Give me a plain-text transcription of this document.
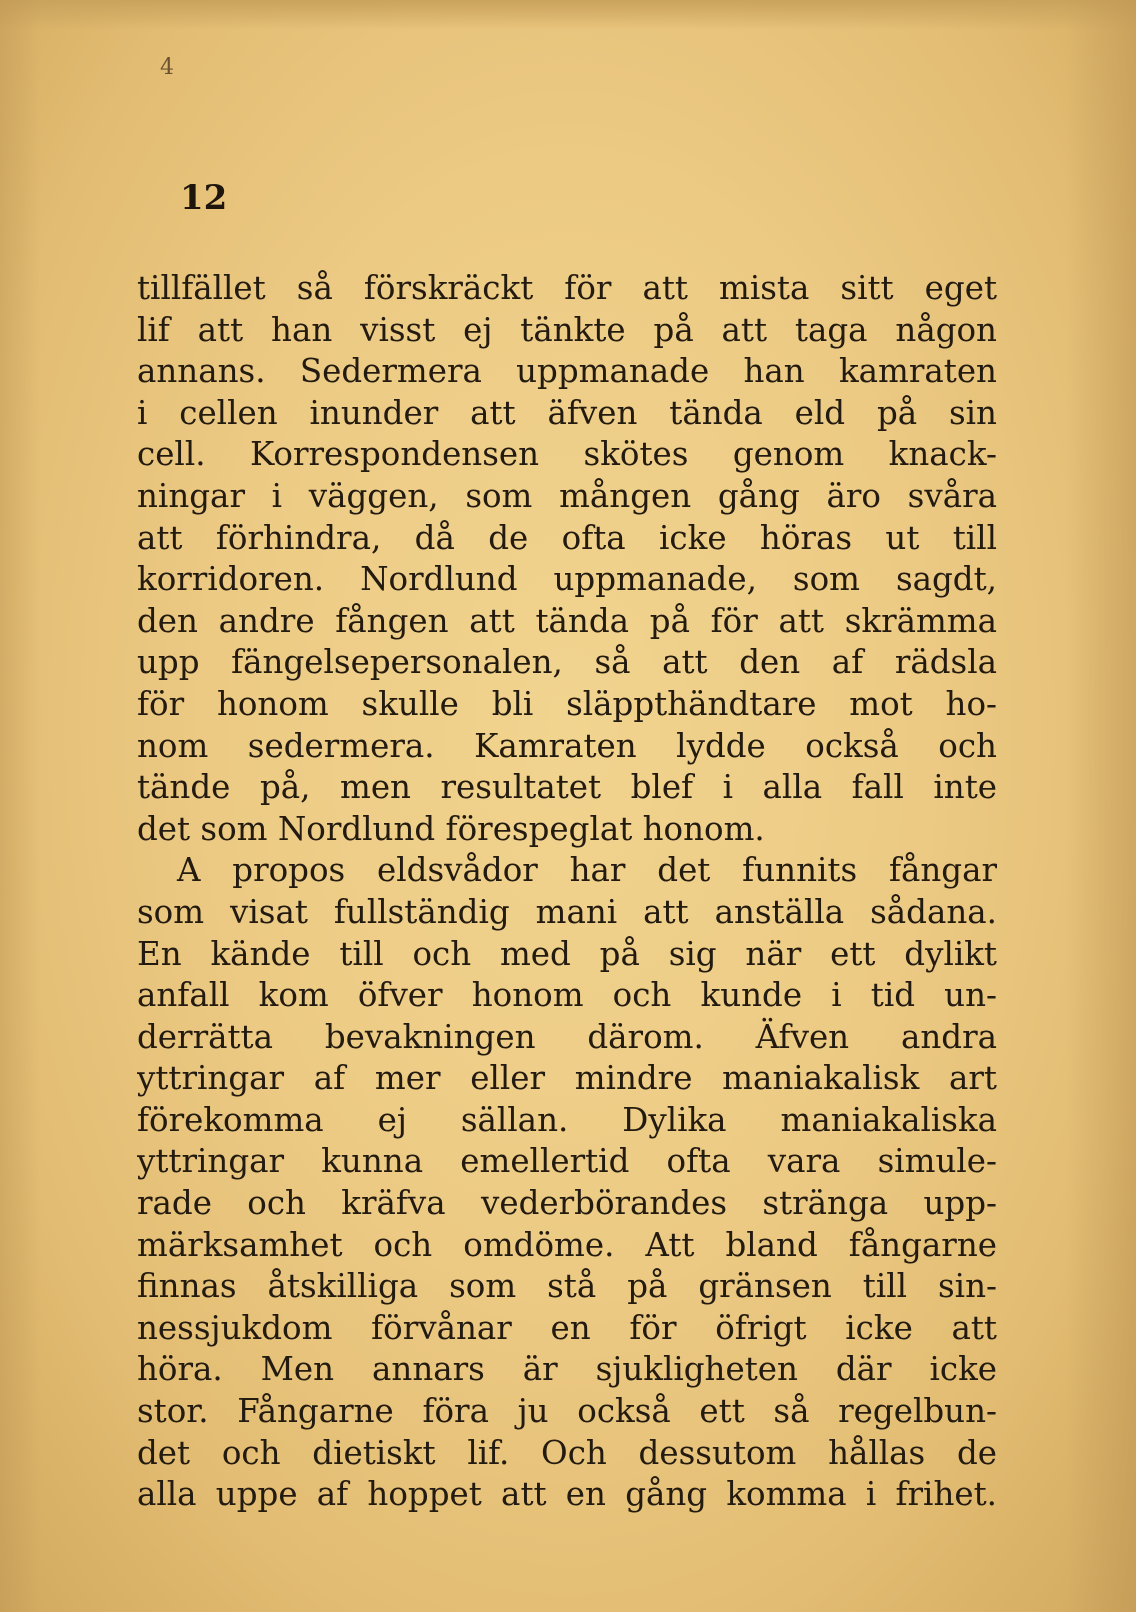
4
12
tillfället så förskräckt för att mista sitt eget
lif att han visst ej tänkte på att taga någon
annans. Sedermera uppmanade han kamraten
i cellen inunder att äfven tända eld på sin
cell. Korrespondensen skötes genom knack-
ningar i väggen, som mången gång äro svåra
att förhindra, då de ofta icke höras ut till
korridoren. Nordlund uppmanade, som sagdt,
den andre fången att tända på för att skrämma
upp fängelsepersonalen, så att den af rädsla
för honom skulle bli släppthändtare mot ho-
nom sedermera. Kamraten lydde också och
tände på, men resultatet blef i alla fall inte
det som Nordlund förespeglat honom.
A propos eldsvådor har det funnits fångar
som visat fullständig mani att anställa sådana.
En kände till och med på sig när ett dylikt
anfall kom öfver honom och kunde i tid un-
derrätta bevakningen därom. Äfven andra
yttringar af mer eller mindre maniakalisk art
förekomma ej sällan. Dylika maniakaliska
yttringar kunna emellertid ofta vara simule-
rade och kräfva vederbörandes stränga upp-
märksamhet och omdöme. Att bland fångarne
finnas åtskilliga som stå på gränsen till sin-
nessjukdom förvånar en för öfrigt icke att
höra. Men annars är sjukligheten där icke
stor. Fångarne föra ju också ett så regelbun-
det och dietiskt lif. Och dessutom hållas de
alla uppe af hoppet att en gång komma i frihet.
